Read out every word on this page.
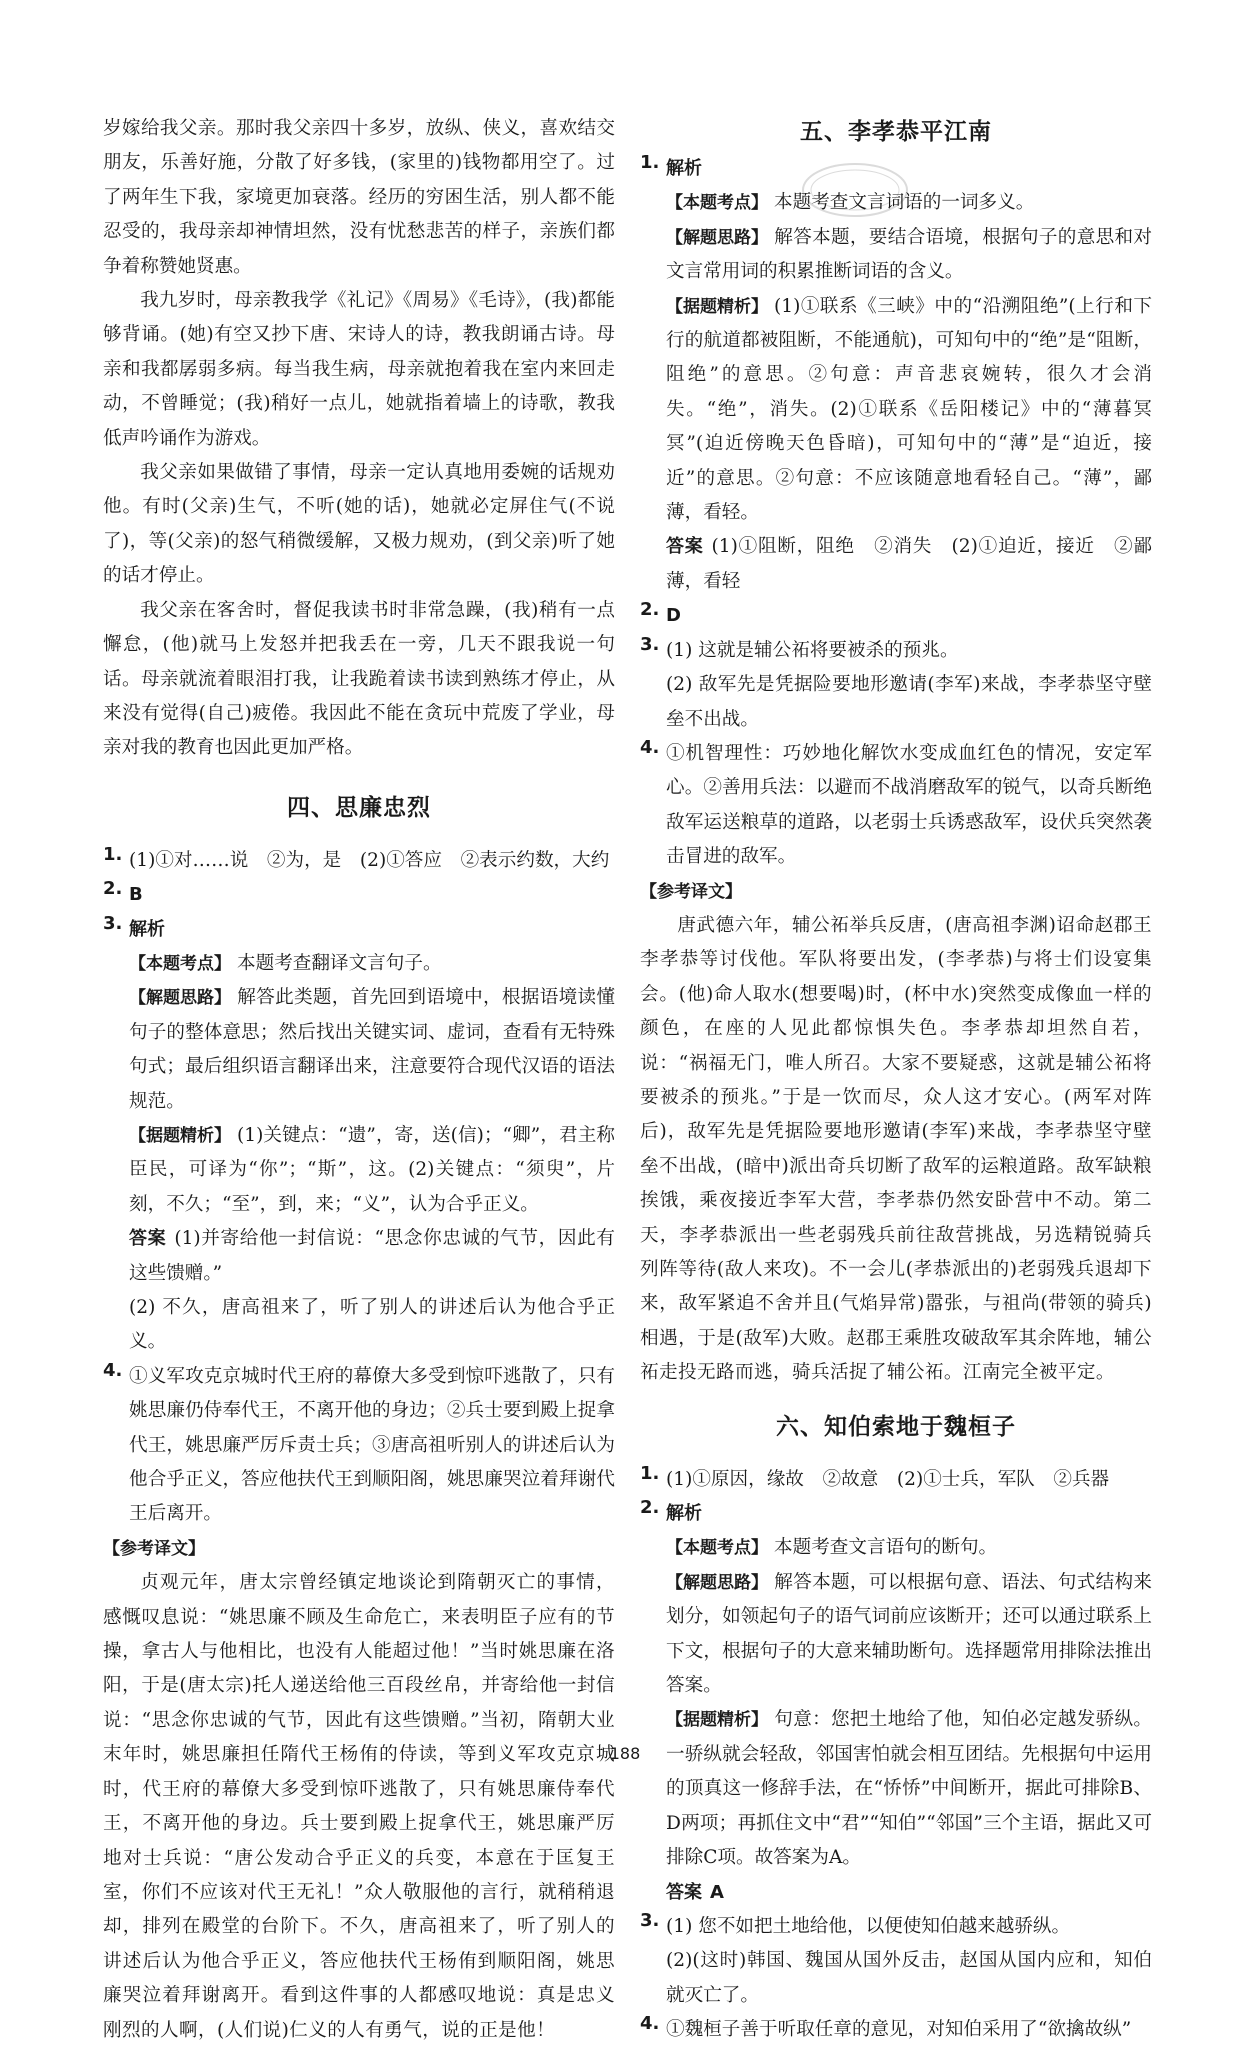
岁嫁给我父亲。那时我父亲四十多岁，放纵、侠义，喜欢结交朋友，乐善好施，分散了好多钱，(家里的)钱物都用空了。过了两年生下我，家境更加衰落。经历的穷困生活，别人都不能忍受的，我母亲却神情坦然，没有忧愁悲苦的样子，亲族们都争着称赞她贤惠。

我九岁时，母亲教我学《礼记》《周易》《毛诗》，(我)都能够背诵。(她)有空又抄下唐、宋诗人的诗，教我朗诵古诗。母亲和我都孱弱多病。每当我生病，母亲就抱着我在室内来回走动，不曾睡觉；(我)稍好一点儿，她就指着墙上的诗歌，教我低声吟诵作为游戏。

我父亲如果做错了事情，母亲一定认真地用委婉的话规劝他。有时(父亲)生气，不听(她的话)，她就必定屏住气(不说了)，等(父亲)的怒气稍微缓解，又极力规劝，(到父亲)听了她的话才停止。

我父亲在客舍时，督促我读书时非常急躁，(我)稍有一点懈怠，(他)就马上发怒并把我丢在一旁，几天不跟我说一句话。母亲就流着眼泪打我，让我跪着读书读到熟练才停止，从来没有觉得(自己)疲倦。我因此不能在贪玩中荒废了学业，母亲对我的教育也因此更加严格。

四、思廉忠烈
1. (1)①对……说　②为，是　(2)①答应　②表示约数，大约

2. B

3. 解析

【本题考点】 本题考查翻译文言句子。

【解题思路】 解答此类题，首先回到语境中，根据语境读懂句子的整体意思；然后找出关键实词、虚词，查看有无特殊句式；最后组织语言翻译出来，注意要符合现代汉语的语法规范。

【据题精析】 (1)关键点：“遗”，寄，送(信)；“卿”，君主称臣民，可译为“你”；“斯”，这。(2)关键点：“须臾”，片刻，不久；“至”，到，来；“义”，认为合乎正义。

答案 (1)并寄给他一封信说：“思念你忠诚的气节，因此有这些馈赠。”

(2) 不久，唐高祖来了，听了别人的讲述后认为他合乎正义。

4. ①义军攻克京城时代王府的幕僚大多受到惊吓逃散了，只有姚思廉仍侍奉代王，不离开他的身边；②兵士要到殿上捉拿代王，姚思廉严厉斥责士兵；③唐高祖听别人的讲述后认为他合乎正义，答应他扶代王到顺阳阁，姚思廉哭泣着拜谢代王后离开。

【参考译文】

贞观元年，唐太宗曾经镇定地谈论到隋朝灭亡的事情，感慨叹息说：“姚思廉不顾及生命危亡，来表明臣子应有的节操，拿古人与他相比，也没有人能超过他！”当时姚思廉在洛阳，于是(唐太宗)托人递送给他三百段丝帛，并寄给他一封信说：“思念你忠诚的气节，因此有这些馈赠。”当初，隋朝大业末年时，姚思廉担任隋代王杨侑的侍读，等到义军攻克京城时，代王府的幕僚大多受到惊吓逃散了，只有姚思廉侍奉代王，不离开他的身边。兵士要到殿上捉拿代王，姚思廉严厉地对士兵说：“唐公发动合乎正义的兵变，本意在于匡复王室，你们不应该对代王无礼！”众人敬服他的言行，就稍稍退却，排列在殿堂的台阶下。不久，唐高祖来了，听了别人的讲述后认为他合乎正义，答应他扶代王杨侑到顺阳阁，姚思廉哭泣着拜谢离开。看到这件事的人都感叹地说：真是忠义刚烈的人啊，(人们说)仁义的人有勇气，说的正是他！

五、李孝恭平江南
1. 解析

【本题考点】 本题考查文言词语的一词多义。

【解题思路】 解答本题，要结合语境，根据句子的意思和对文言常用词的积累推断词语的含义。

【据题精析】 (1)①联系《三峡》中的“沿溯阻绝”(上行和下行的航道都被阻断，不能通航)，可知句中的“绝”是“阻断，阻绝”的意思。②句意：声音悲哀婉转，很久才会消失。“绝”，消失。(2)①联系《岳阳楼记》中的“薄暮冥冥”(迫近傍晚天色昏暗)，可知句中的“薄”是“迫近，接近”的意思。②句意：不应该随意地看轻自己。“薄”，鄙薄，看轻。

答案 (1)①阻断，阻绝　②消失　(2)①迫近，接近　②鄙薄，看轻

2. D

3. (1) 这就是辅公祏将要被杀的预兆。

(2) 敌军先是凭据险要地形邀请(李军)来战，李孝恭坚守壁垒不出战。

4. ①机智理性：巧妙地化解饮水变成血红色的情况，安定军心。②善用兵法：以避而不战消磨敌军的锐气，以奇兵断绝敌军运送粮草的道路，以老弱士兵诱惑敌军，设伏兵突然袭击冒进的敌军。

【参考译文】

唐武德六年，辅公祏举兵反唐，(唐高祖李渊)诏命赵郡王李孝恭等讨伐他。军队将要出发，(李孝恭)与将士们设宴集会。(他)命人取水(想要喝)时，(杯中水)突然变成像血一样的颜色，在座的人见此都惊惧失色。李孝恭却坦然自若，说：“祸福无门，唯人所召。大家不要疑惑，这就是辅公祏将要被杀的预兆。”于是一饮而尽，众人这才安心。(两军对阵后)，敌军先是凭据险要地形邀请(李军)来战，李孝恭坚守壁垒不出战，(暗中)派出奇兵切断了敌军的运粮道路。敌军缺粮挨饿，乘夜接近李军大营，李孝恭仍然安卧营中不动。第二天，李孝恭派出一些老弱残兵前往敌营挑战，另选精锐骑兵列阵等待(敌人来攻)。不一会儿(孝恭派出的)老弱残兵退却下来，敌军紧追不舍并且(气焰异常)嚣张，与祖尚(带领的骑兵)相遇，于是(敌军)大败。赵郡王乘胜攻破敌军其余阵地，辅公祏走投无路而逃，骑兵活捉了辅公祏。江南完全被平定。

六、知伯索地于魏桓子
1. (1)①原因，缘故　②故意　(2)①士兵，军队　②兵器

2. 解析

【本题考点】 本题考查文言语句的断句。

【解题思路】 解答本题，可以根据句意、语法、句式结构来划分，如领起句子的语气词前应该断开；还可以通过联系上下文，根据句子的大意来辅助断句。选择题常用排除法推出答案。

【据题精析】 句意：您把土地给了他，知伯必定越发骄纵。一骄纵就会轻敌，邻国害怕就会相互团结。先根据句中运用的顶真这一修辞手法，在“㤭㤭”中间断开，据此可排除B、D两项；再抓住文中“君”“知伯”“邻国”三个主语，据此又可排除C项。故答案为A。

答案 A

3. (1) 您不如把土地给他，以便使知伯越来越骄纵。

(2)(这时)韩国、魏国从国外反击，赵国从国内应和，知伯就灭亡了。

4. ①魏桓子善于听取任章的意见，对知伯采用了“欲擒故纵”

188
